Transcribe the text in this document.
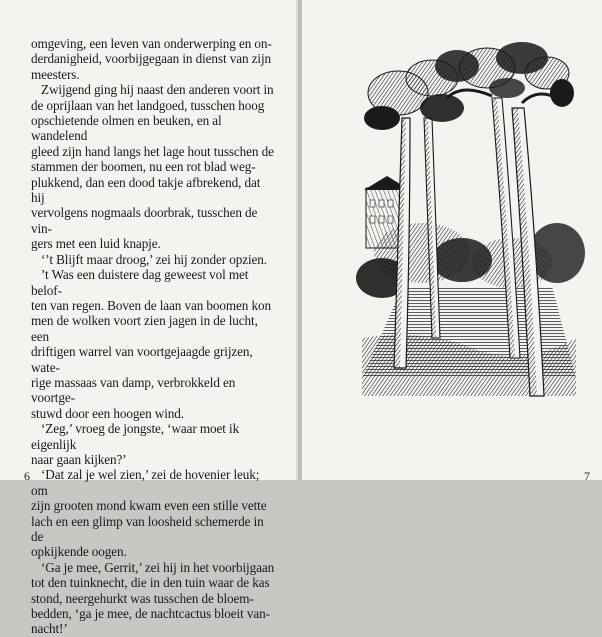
omgeving, een leven van onderwerping en on-
derdanigheid, voorbijgegaan in dienst van zijn
meesters.

Zwijgend ging hij naast den anderen voort in
de oprijlaan van het landgoed, tusschen hoog
opschietende olmen en beuken, en al wandelend
gleed zijn hand langs het lage hout tusschen de
stammen der boomen, nu een rot blad weg-
plukkend, dan een dood takje afbrekend, dat hij
vervolgens nogmaals doorbrak, tusschen de vin-
gers met een luid knapje.

‘’t Blijft maar droog,’ zei hij zonder opzien.

’t Was een duistere dag geweest vol met belof-
ten van regen. Boven de laan van boomen kon
men de wolken voort zien jagen in de lucht, een
driftigen warrel van voortgejaagde grijzen, wate-
rige massaas van damp, verbrokkeld en voortge-
stuwd door een hoogen wind.

‘Zeg,’ vroeg de jongste, ‘waar moet ik eigenlijk
naar gaan kijken?’

‘Dat zal je wel zien,’ zei de hovenier leuk; om
zijn grooten mond kwam even een stille vette
lach en een glimp van loosheid schemerde in de
opkijkende oogen.

‘Ga je mee, Gerrit,’ zei hij in het voorbijgaan
tot den tuinknecht, die in den tuin waar de kas
stond, neergehurkt was tusschen de bloem-
bedden, ‘ga je mee, de nachtcactus bloeit van-
nacht!’

6	7
